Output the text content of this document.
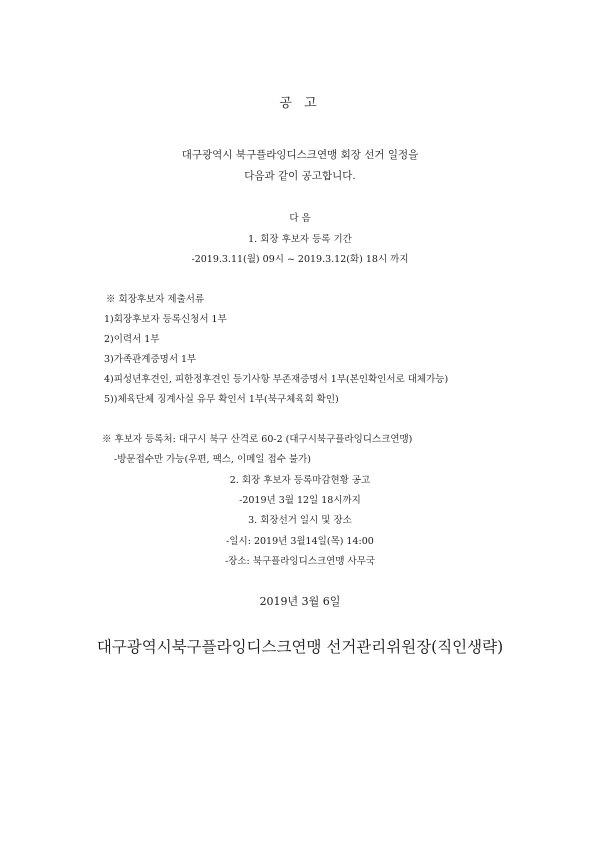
공 고
대구광역시 북구플라잉디스크연맹 회장 선거 일정을
다음과 같이 공고합니다.
다 음
1. 회장 후보자 등록 기간
-2019.3.11(월) 09시 ~ 2019.3.12(화) 18시 까지
※ 회장후보자 제출서류
1)회장후보자 등록신청서 1부
2)이력서 1부
3)가족관계증명서 1부
4)피성년후견인, 피한정후견인 등기사항 부존재증명서 1부(본인확인서로 대체가능)
5))체육단체 징계사실 유무 확인서 1부(북구체육회 확인)
※ 후보자 등록처: 대구시 북구 산격로 60-2 (대구시북구플라잉디스크연맹)
-방문접수만 가능(우편, 팩스, 이메일 접수 불가)
2. 회장 후보자 등록마감현황 공고
-2019년 3월 12일 18시까지
3. 회장선거 일시 및 장소
-일시: 2019년 3월14일(목) 14:00
-장소: 북구플라잉디스크연맹 사무국
2019년 3월 6일
대구광역시북구플라잉디스크연맹 선거관리위원장(직인생략)
